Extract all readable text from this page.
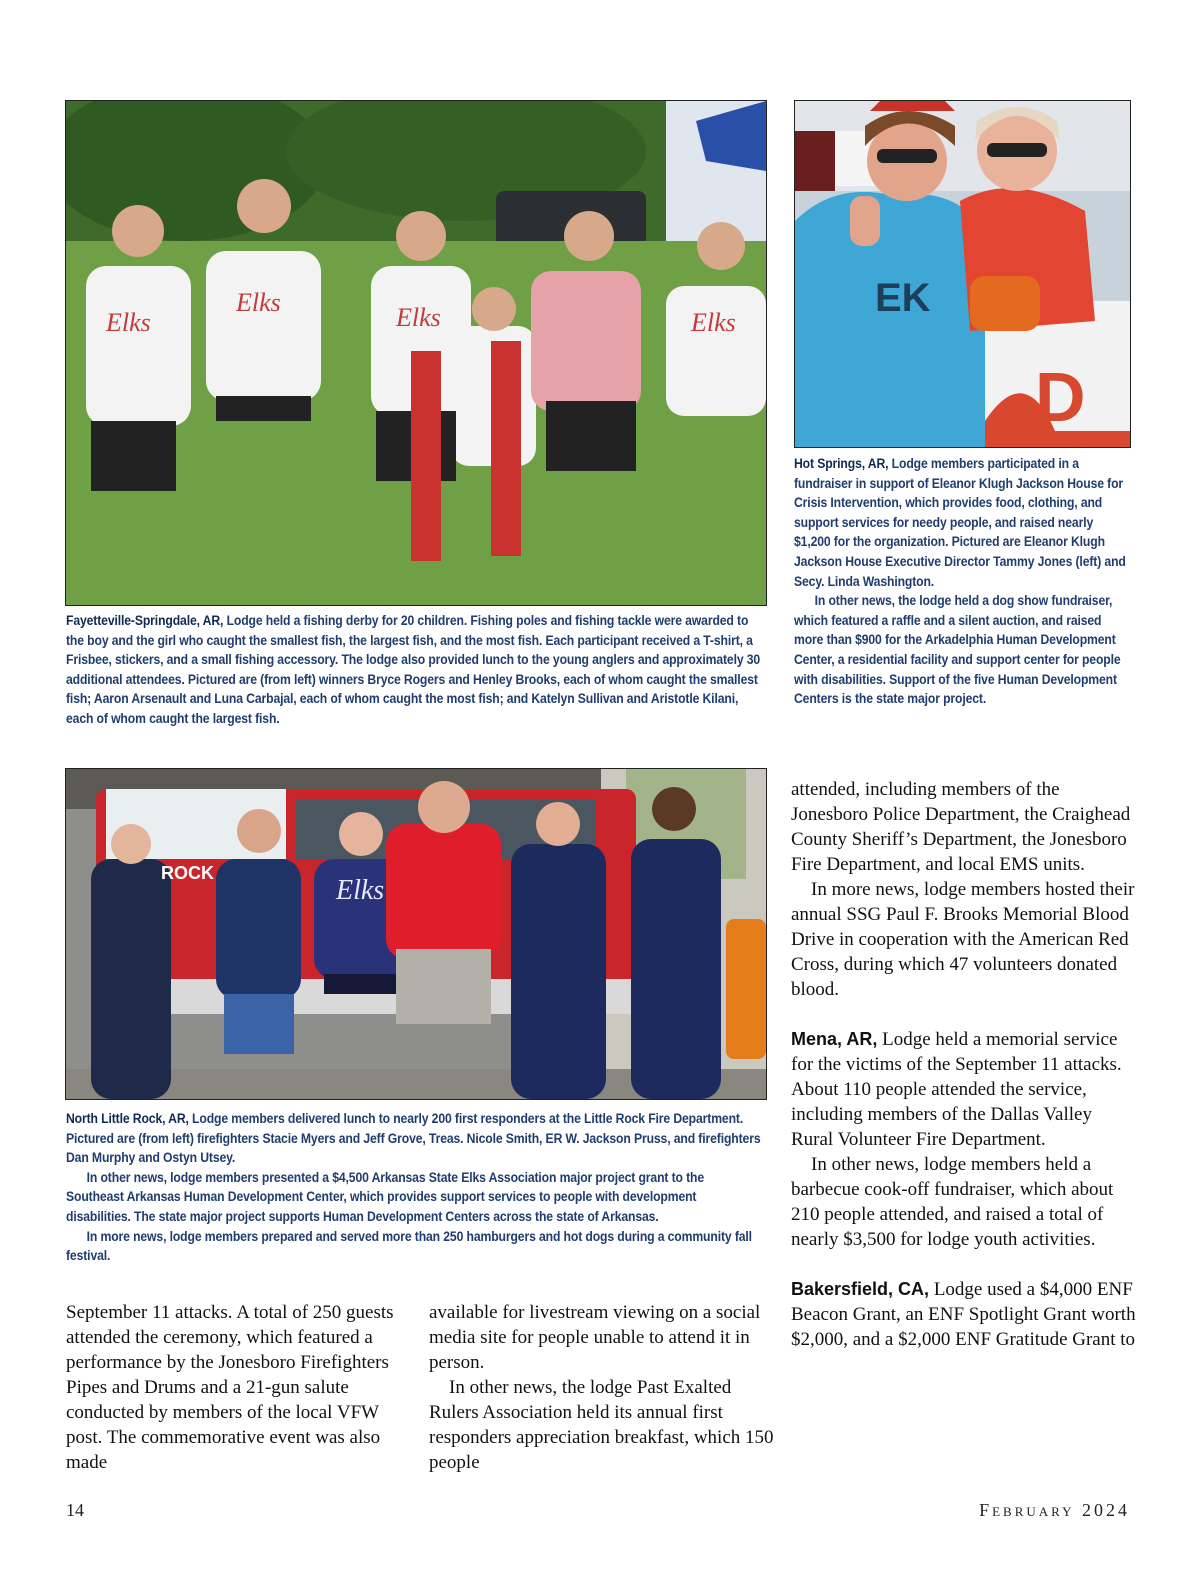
Elks
Elks
Elks	Elks
EK
D
Elks
ROCK

Fayetteville-Springdale, AR, Lodge held a fishing derby for 20 children. Fishing poles and fishing tackle were awarded to the boy and the girl who caught the smallest fish, the largest fish, and the most fish. Each participant received a T-shirt, a Frisbee, stickers, and a small fishing accessory. The lodge also provided lunch to the young anglers and approximately 30 additional attendees. Pictured are (from left) winners Bryce Rogers and Henley Brooks, each of whom caught the smallest fish; Aaron Arsenault and Luna Carbajal, each of whom caught the most fish; and Katelyn Sullivan and Aristotle Kilani, each of whom caught the largest fish.

Hot Springs, AR, Lodge members participated in a fundraiser in support of Eleanor Klugh Jackson House for Crisis Intervention, which provides food, clothing, and support services for needy people, and raised nearly $1,200 for the organization. Pictured are Eleanor Klugh Jackson House Executive Director Tammy Jones (left) and Secy. Linda Washington.

In other news, the lodge held a dog show fundraiser, which featured a raffle and a silent auction, and raised more than $900 for the Arkadelphia Human Development Center, a residential facility and support center for people with disabilities. Support of the five Human Development Centers is the state major project.

North Little Rock, AR, Lodge members delivered lunch to nearly 200 first responders at the Little Rock Fire Department. Pictured are (from left) firefighters Stacie Myers and Jeff Grove, Treas. Nicole Smith, ER W. Jackson Pruss, and firefighters Dan Murphy and Ostyn Utsey.

In other news, lodge members presented a $4,500 Arkansas State Elks Association major project grant to the Southeast Arkansas Human Development Center, which provides support services to people with development disabilities. The state major project supports Human Development Centers across the state of Arkansas.

In more news, lodge members prepared and served more than 250 hamburgers and hot dogs during a community fall festival.

September 11 attacks. A total of 250 guests attended the ceremony, which featured a performance by the Jonesboro Firefighters Pipes and Drums and a 21-gun salute conducted by members of the local VFW post. The commemorative event was also made

available for livestream viewing on a social media site for people unable to attend it in person.

In other news, the lodge Past Exalted Rulers Association held its annual first responders appreciation breakfast, which 150 people

attended, including members of the Jonesboro Police Department, the Craighead County Sheriff’s Department, the Jonesboro Fire Department, and local EMS units.

In more news, lodge members hosted their annual SSG Paul F. Brooks Memorial Blood Drive in cooperation with the American Red Cross, during which 47 volunteers donated blood.

Mena, AR, Lodge held a memorial service for the victims of the September 11 attacks. About 110 people attended the service, including members of the Dallas Valley Rural Volunteer Fire Department.

In other news, lodge members held a barbecue cook-off fundraiser, which about 210 people attended, and raised a total of nearly $3,500 for lodge youth activities.

Bakersfield, CA, Lodge used a $4,000 ENF Beacon Grant, an ENF Spotlight Grant worth $2,000, and a $2,000 ENF Gratitude Grant to

14	February 2024
